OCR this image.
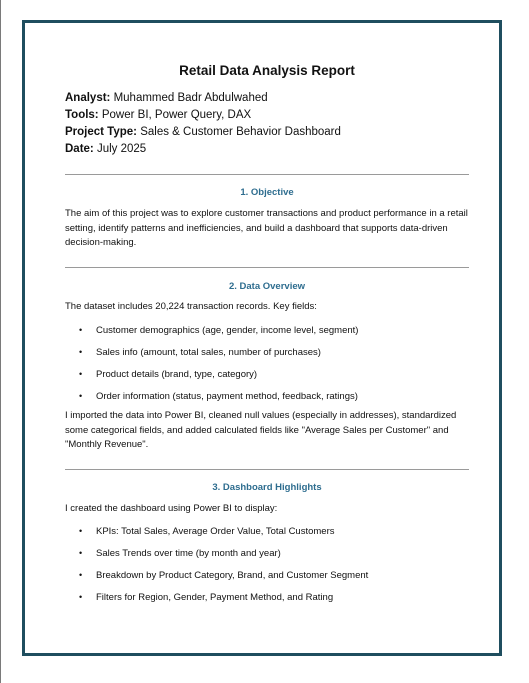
Retail Data Analysis Report
Analyst: Muhammed Badr Abdulwahed
Tools: Power BI, Power Query, DAX
Project Type: Sales & Customer Behavior Dashboard
Date: July 2025
1. Objective
The aim of this project was to explore customer transactions and product performance in a retail setting, identify patterns and inefficiencies, and build a dashboard that supports data-driven decision-making.
2. Data Overview
The dataset includes 20,224 transaction records. Key fields:
• Customer demographics (age, gender, income level, segment)
• Sales info (amount, total sales, number of purchases)
• Product details (brand, type, category)
• Order information (status, payment method, feedback, ratings)
I imported the data into Power BI, cleaned null values (especially in addresses), standardized some categorical fields, and added calculated fields like "Average Sales per Customer" and "Monthly Revenue".
3. Dashboard Highlights
I created the dashboard using Power BI to display:
• KPIs: Total Sales, Average Order Value, Total Customers
• Sales Trends over time (by month and year)
• Breakdown by Product Category, Brand, and Customer Segment
• Filters for Region, Gender, Payment Method, and Rating
